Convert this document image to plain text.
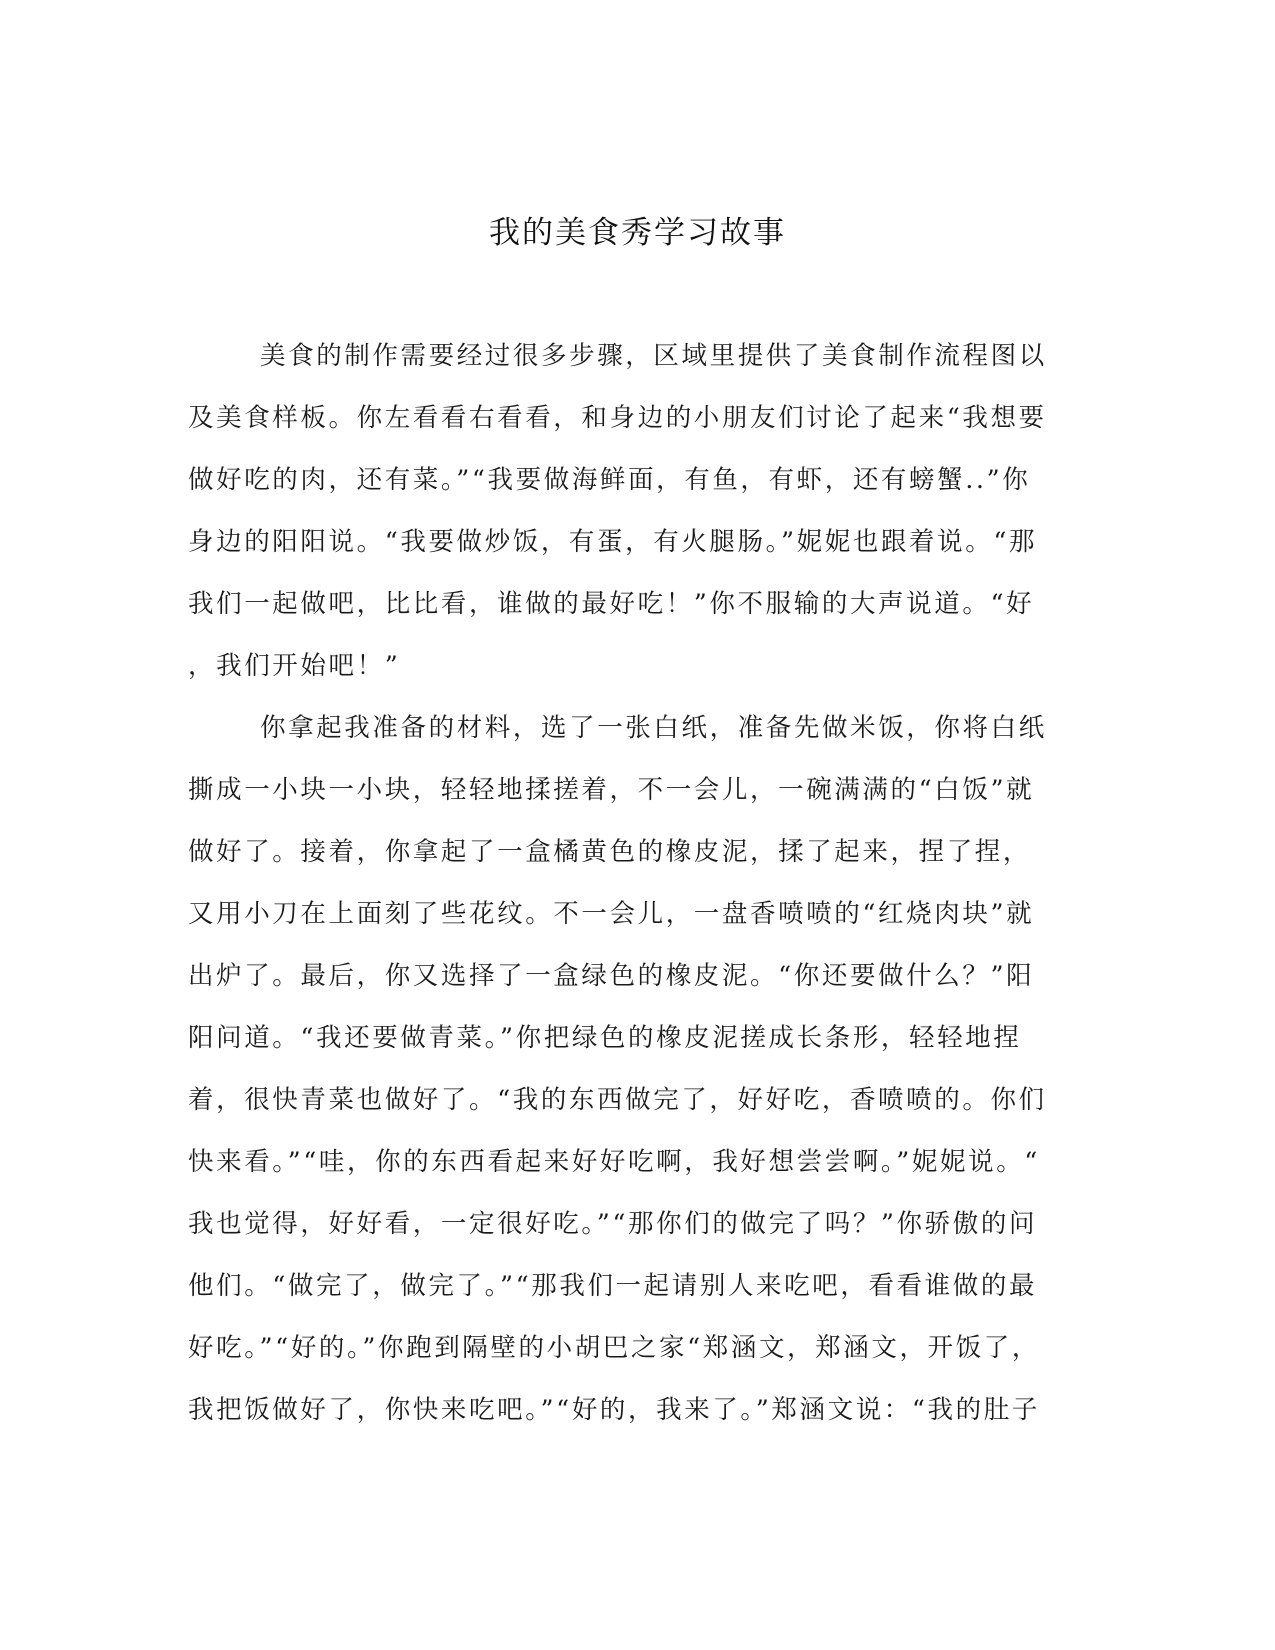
我的美食秀学习故事
美食的制作需要经过很多步骤，区域里提供了美食制作流程图以
及美食样板。你左看看右看看，和身边的小朋友们讨论了起来“我想要
做好吃的肉，还有菜。”“我要做海鲜面，有鱼，有虾，还有螃蟹..”你
身边的阳阳说。“我要做炒饭，有蛋，有火腿肠。”妮妮也跟着说。“那
我们一起做吧，比比看，谁做的最好吃！”你不服输的大声说道。“好
，我们开始吧！”
你拿起我准备的材料，选了一张白纸，准备先做米饭，你将白纸
撕成一小块一小块，轻轻地揉搓着，不一会儿，一碗满满的“白饭”就
做好了。接着，你拿起了一盒橘黄色的橡皮泥，揉了起来，捏了捏，
又用小刀在上面刻了些花纹。不一会儿，一盘香喷喷的“红烧肉块”就
出炉了。最后，你又选择了一盒绿色的橡皮泥。“你还要做什么？”阳
阳问道。“我还要做青菜。”你把绿色的橡皮泥搓成长条形，轻轻地捏
着，很快青菜也做好了。“我的东西做完了，好好吃，香喷喷的。你们
快来看。”“哇，你的东西看起来好好吃啊，我好想尝尝啊。”妮妮说。“
我也觉得，好好看，一定很好吃。”“那你们的做完了吗？”你骄傲的问
他们。“做完了，做完了。”“那我们一起请别人来吃吧，看看谁做的最
好吃。”“好的。”你跑到隔壁的小胡巴之家“郑涵文，郑涵文，开饭了，
我把饭做好了，你快来吃吧。”“好的，我来了。”郑涵文说：“我的肚子
